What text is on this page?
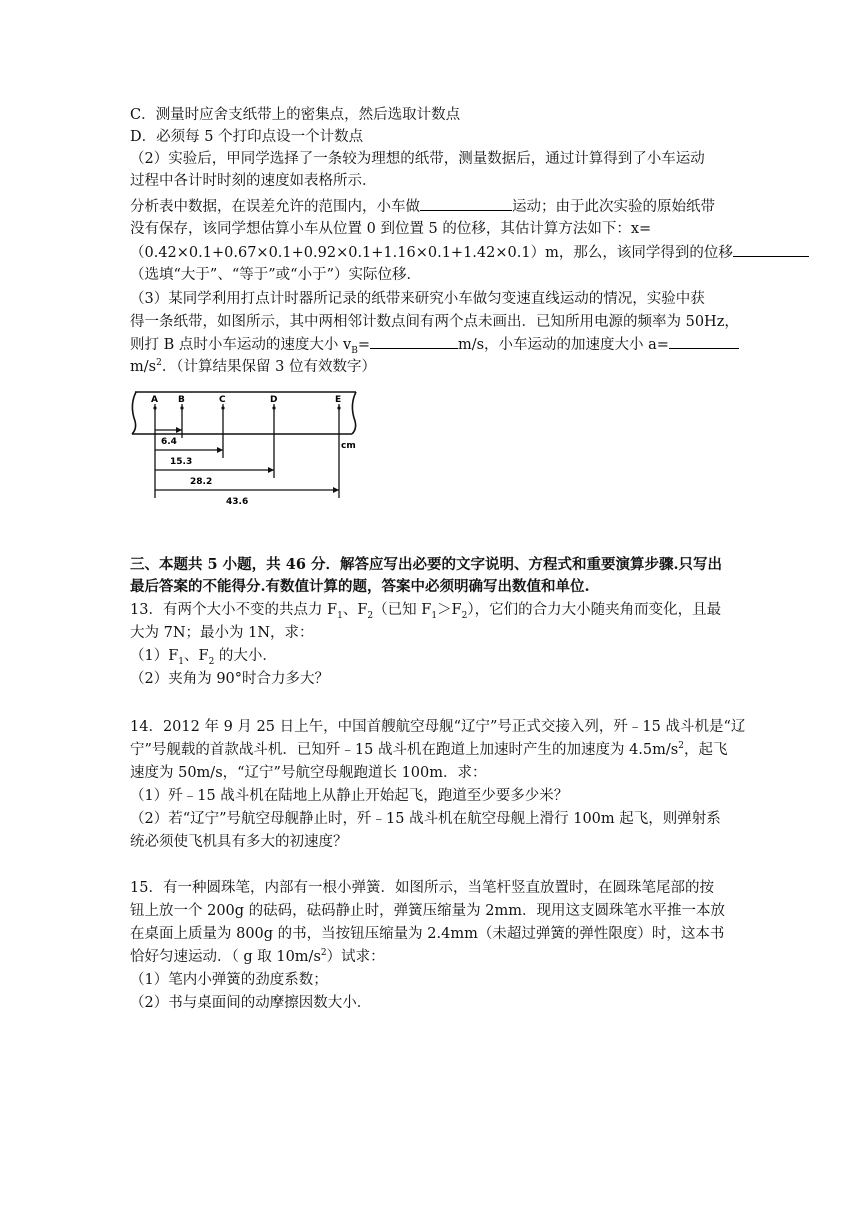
C．测量时应舍支纸带上的密集点，然后选取计数点
D．必须每 5 个打印点设一个计数点
（2）实验后，甲同学选择了一条较为理想的纸带，测量数据后，通过计算得到了小车运动
过程中各计时时刻的速度如表格所示．
分析表中数据，在误差允许的范围内，小车做	运动；由于此次实验的原始纸带
没有保存，该同学想估算小车从位置 0 到位置 5 的位移，其估计算方法如下：x=
（0.42×0.1+0.67×0.1+0.92×0.1+1.16×0.1+1.42×0.1）m，那么，该同学得到的位移
（选填“大于”、“等于”或“小于”）实际位移．
（3）某同学利用打点计时器所记录的纸带来研究小车做匀变速直线运动的情况，实验中获
得一条纸带，如图所示，其中两相邻计数点间有两个点未画出．已知所用电源的频率为 50Hz，
则打 B 点时小车运动的速度大小 $v_B=$	m/s，小车运动的加速度大小 a=
$m/s^2$．（计算结果保留 3 位有效数字）
A B	C	D	E
6.4
15.3
28.2
43.6
cm
三、本题共 5 小题，共 46 分．解答应写出必要的文字说明、方程式和重要演算步骤.只写出
最后答案的不能得分.有数值计算的题，答案中必须明确写出数值和单位.
13．有两个大小不变的共点力 $F_1$、$F_2$（已知 $F_1>F_2$），它们的合力大小随夹角而变化，且最
大为 7N；最小为 1N，求：
$(1)F_1$、$F_2$ 的大小．
（2）夹角为 90°时合力多大？
14．2012 年 9 月 25 日上午，中国首艘航空母舰“辽宁”号正式交接入列，歼﹣15 战斗机是“辽
宁”号舰载的首款战斗机．已知歼﹣15 战斗机在跑道上加速时产生的加速度为 $4.5m/s^2$，起飞
速度为 50m/s，“辽宁”号航空母舰跑道长 100m．求：
（1）歼﹣15 战斗机在陆地上从静止开始起飞，跑道至少要多少米？
（2）若“辽宁”号航空母舰静止时，歼﹣15 战斗机在航空母舰上滑行 100m 起飞，则弹射系
统必须使飞机具有多大的初速度？
15．有一种圆珠笔，内部有一根小弹簧．如图所示，当笔杆竖直放置时，在圆珠笔尾部的按
钮上放一个 200g 的砝码，砝码静止时，弹簧压缩量为 2mm．现用这支圆珠笔水平推一本放
在桌面上质量为 800g 的书，当按钮压缩量为 2.4mm（未超过弹簧的弹性限度）时，这本书
恰好匀速运动．（ g 取 $10m/s^2$）试求：
（1）笔内小弹簧的劲度系数；
（2）书与桌面间的动摩擦因数大小．
